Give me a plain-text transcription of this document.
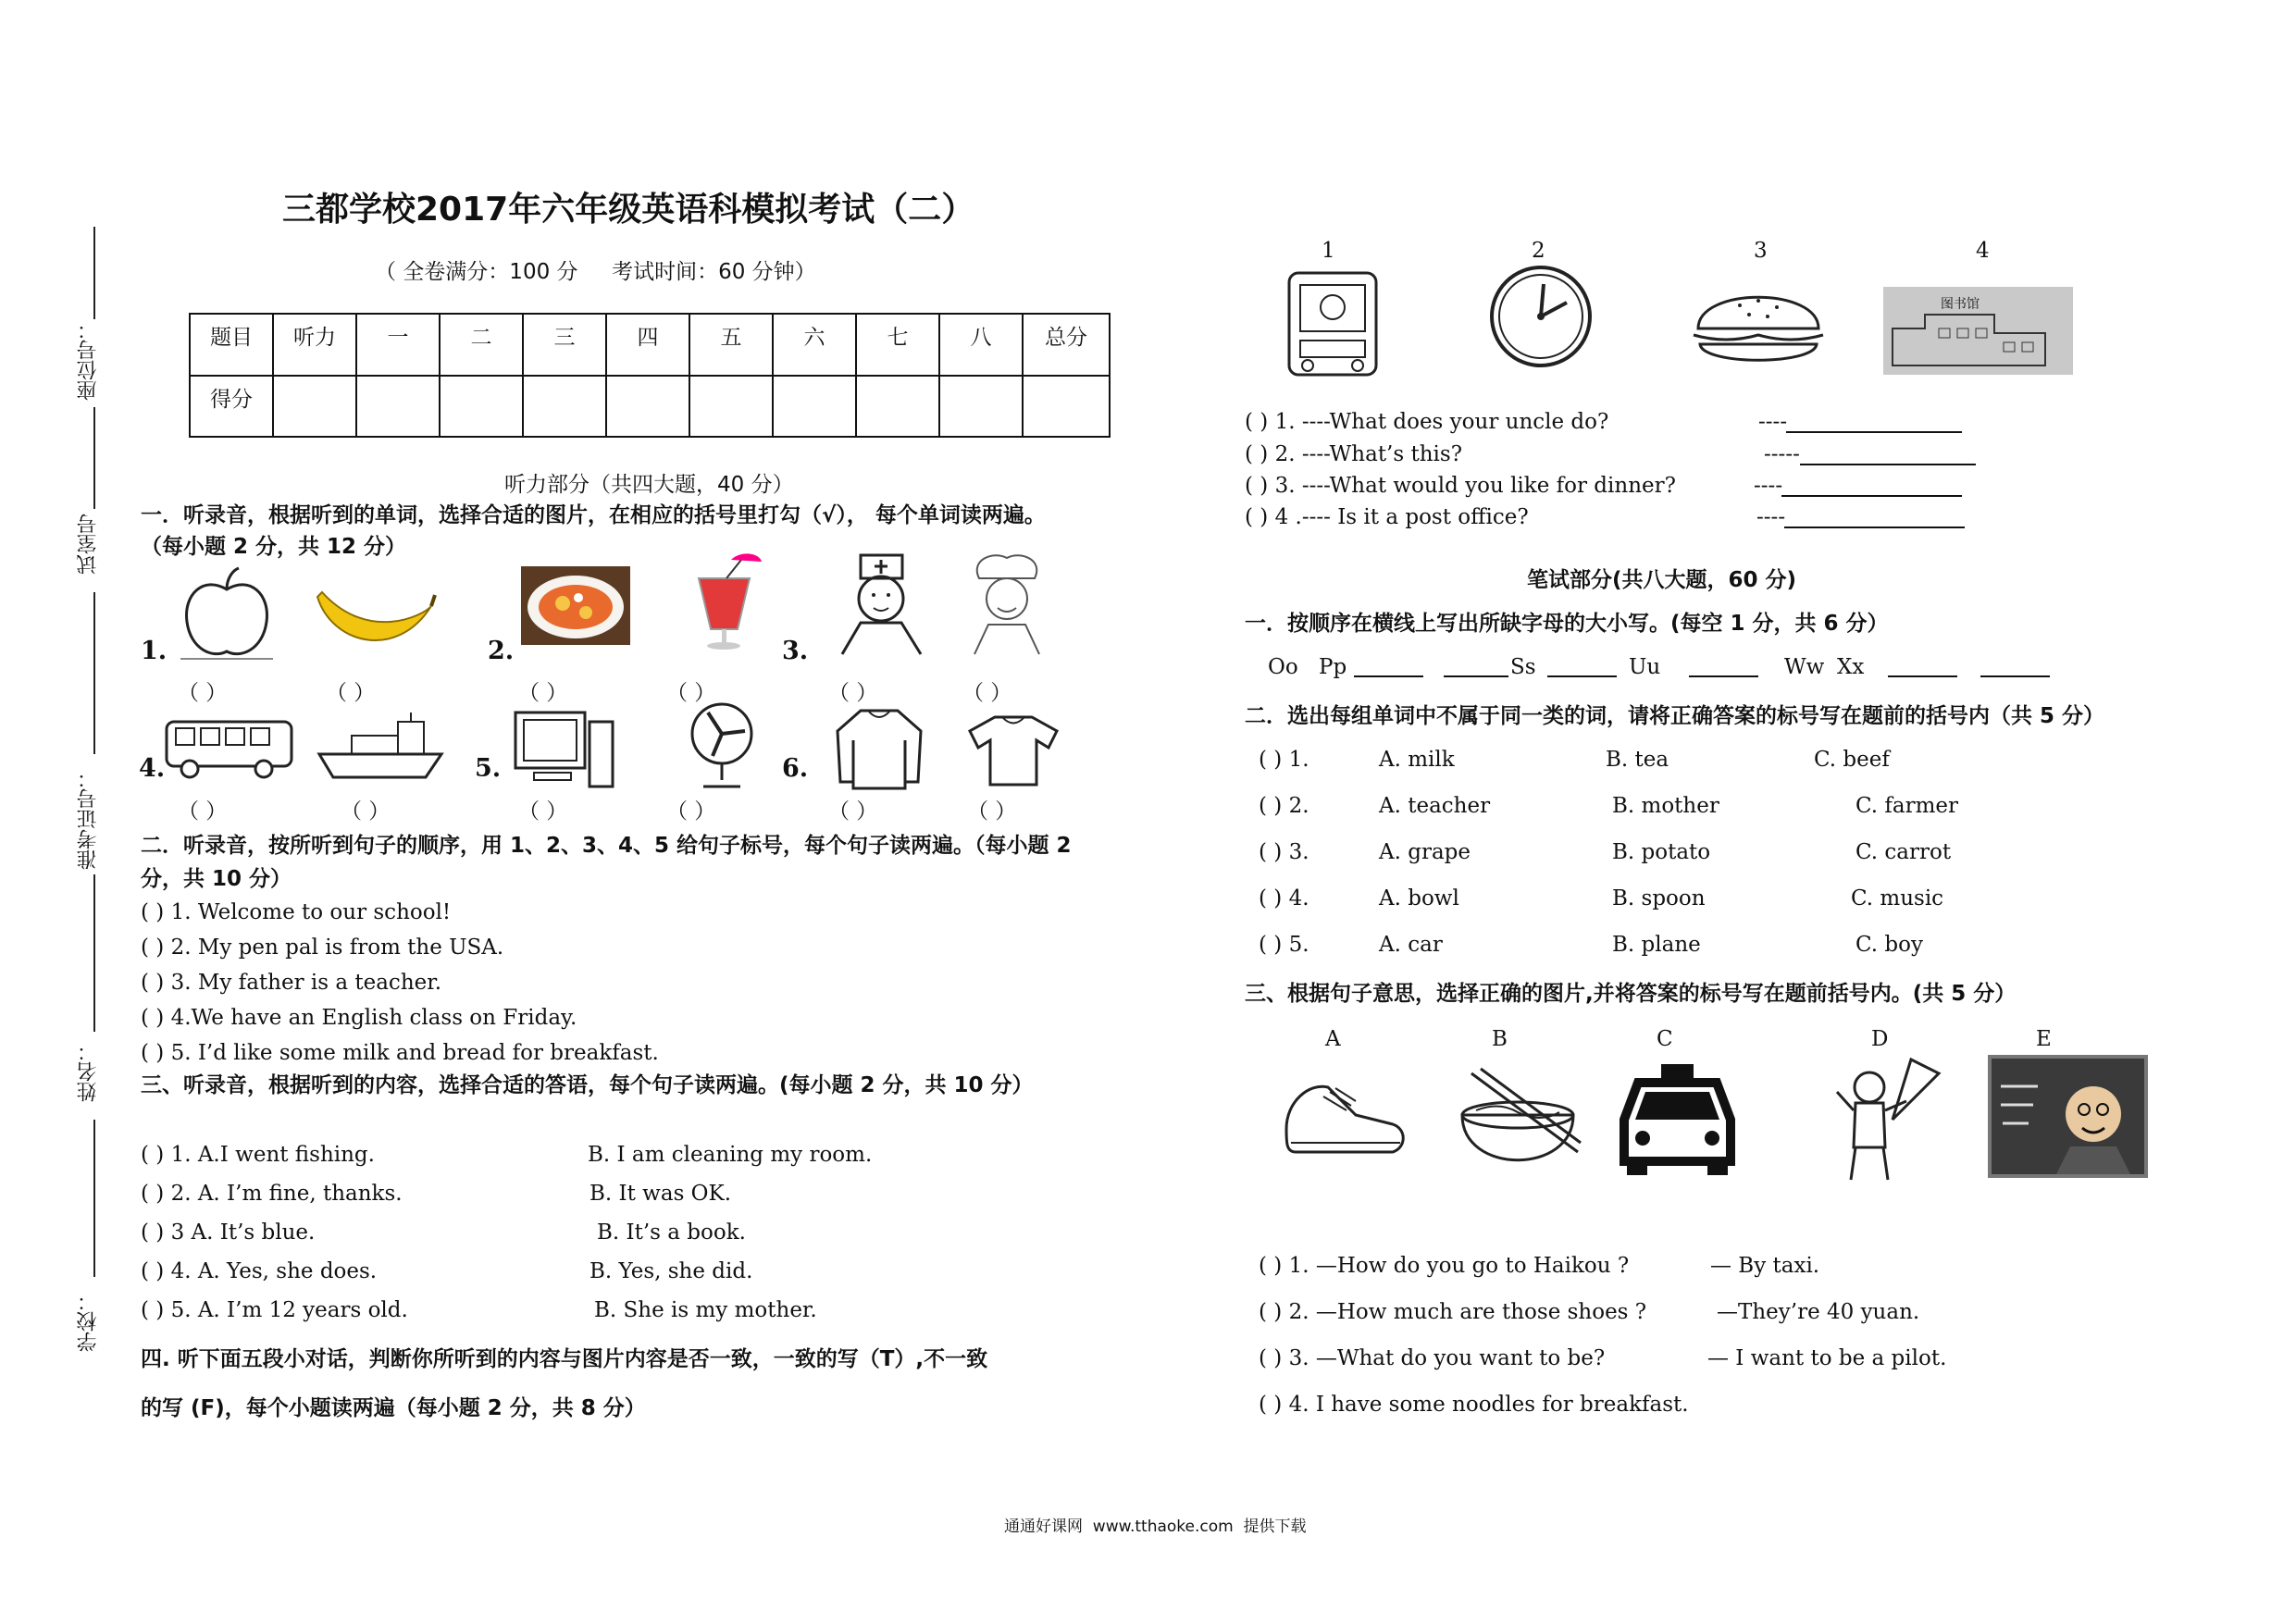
座位号：
试室号
准考证号：
姓名：
学校：
三都学校2017年六年级英语科模拟考试（二）
（ 全卷满分：100 分     考试时间：60 分钟）
题目	听力	一	二	三	四	五	六	七	八	总分
得分										
听力部分（共四大题，40 分）
一．听录音，根据听到的单词，选择合适的图片，在相应的括号里打勾（√）， 每个单词读两遍。（每小题 2 分，共 12 分）
1.	2.	3.
（ ）	（ ）	（ ）	（ ）	（ ）	（ ）
4.	5.	6.
（ ）	（ ）	（ ）	（ ）	（ ）	（ ）
二．听录音，按所听到句子的顺序，用 1、2、3、4、5 给句子标号，每个句子读两遍。（每小题 2 分，共 10 分）
( ) 1. Welcome to our school!
( ) 2. My pen pal is from the USA.
( ) 3. My father is a teacher.
( ) 4.We have an English class on Friday.
( ) 5. I’d like some milk and bread for breakfast.
三、听录音，根据听到的内容，选择合适的答语，每个句子读两遍。(每小题 2 分，共 10 分）
( ) 1. A.I went fishing.	B. I am cleaning my room.
( ) 2. A. I’m fine, thanks.	B. It was OK.
( ) 3 A. It’s blue.	B. It’s a book.
( ) 4. A. Yes, she does.	B. Yes, she did.
( ) 5. A. I’m 12 years old.	B. She is my mother.
四. 听下面五段小对话，判断你所听到的内容与图片内容是否一致，一致的写（T）,不一致
的写 (F)，每个小题读两遍（每小题 2 分，共 8 分）
1	2	3	4
图书馆
( ) 1. ----What does your uncle do?	----
( ) 2. ----What’s this?	-----
( ) 3. ----What would you like for dinner?	----
( ) 4 .---- Is it a post office?	----
笔试部分(共八大题，60 分)
一．按顺序在横线上写出所缺字母的大小写。(每空 1 分，共 6 分）
Oo Pp	Ss	Uu	Ww Xx
二．选出每组单词中不属于同一类的词，请将正确答案的标号写在题前的括号内（共 5 分）
( ) 1.	A. milk	B. tea	C. beef
( ) 2.	A. teacher	B. mother	C. farmer
( ) 3.	A. grape	B. potato	C. carrot
( ) 4.	A. bowl	B. spoon	C. music
( ) 5.	A. car	B. plane	C. boy
三、根据句子意思，选择正确的图片,并将答案的标号写在题前括号内。(共 5 分）
A	B	C	D	E
( ) 1. —How do you go to Haikou ?	— By taxi.
( ) 2. —How much are those shoes ?	—They’re 40 yuan.
( ) 3. —What do you want to be?	— I want to be a pilot.
( ) 4. I have some noodles for breakfast.
通通好课网  www.tthaoke.com  提供下载
